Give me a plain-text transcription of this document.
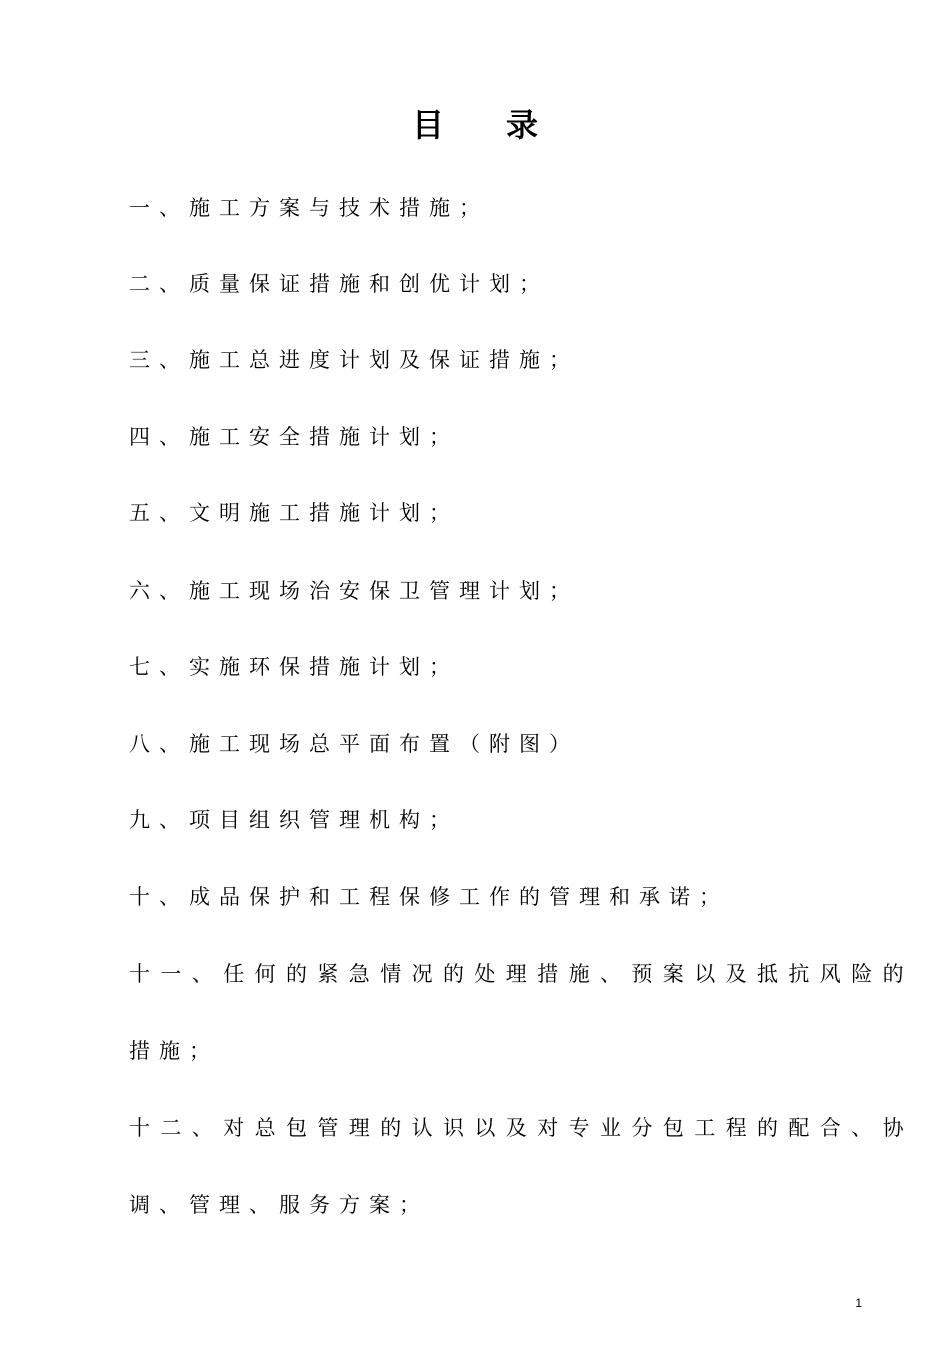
目 录
一、施工方案与技术措施；
二、质量保证措施和创优计划；
三、施工总进度计划及保证措施；
四、施工安全措施计划；
五、文明施工措施计划；
六、施工现场治安保卫管理计划；
七、实施环保措施计划；
八、施工现场总平面布置（附图）
九、项目组织管理机构；
十、成品保护和工程保修工作的管理和承诺；
十一、任何的紧急情况的处理措施、预案以及抵抗风险的
措施；
十二、对总包管理的认识以及对专业分包工程的配合、协
调、管理、服务方案；
1
